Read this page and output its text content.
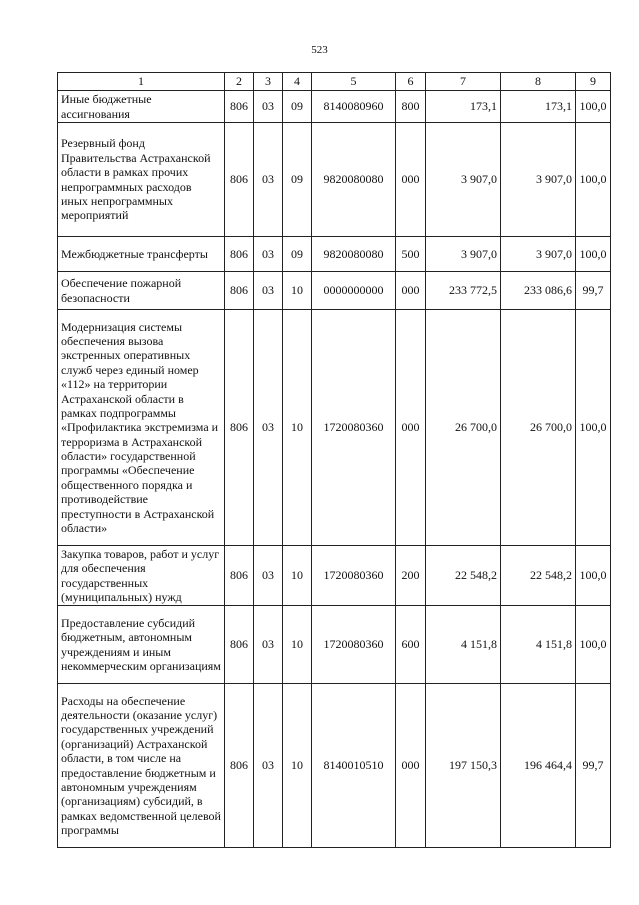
523
1	2	3	4	5	6	7	8	9
Иные бюджетные ассигнования	806	03	09	8140080960	800	173,1	173,1	100,0
Резервный фонд Правительства Астраханской области в рамках прочих непрограммных расходов иных непрограммных мероприятий	806	03	09	9820080080	000	3 907,0	3 907,0	100,0
Межбюджетные трансферты	806	03	09	9820080080	500	3 907,0	3 907,0	100,0
Обеспечение пожарной безопасности	806	03	10	0000000000	000	233 772,5	233 086,6	99,7
Модернизация системы обеспечения вызова экстренных оперативных служб через единый номер «112» на территории Астраханской области в рамках подпрограммы «Профилактика экстремизма и терроризма в Астраханской области» государственной программы «Обеспечение общественного порядка и противодействие преступности в Астраханской области»	806	03	10	1720080360	000	26 700,0	26 700,0	100,0
Закупка товаров, работ и услуг для обеспечения государственных (муниципальных) нужд	806	03	10	1720080360	200	22 548,2	22 548,2	100,0
Предоставление субсидий бюджетным, автономным учреждениям и иным некоммерческим организациям	806	03	10	1720080360	600	4 151,8	4 151,8	100,0
Расходы на обеспечение деятельности (оказание услуг) государственных учреждений (организаций) Астраханской области, в том числе на предоставление бюджетным и автономным учреждениям (организациям) субсидий, в рамках ведомственной целевой программы	806	03	10	8140010510	000	197 150,3	196 464,4	99,7
